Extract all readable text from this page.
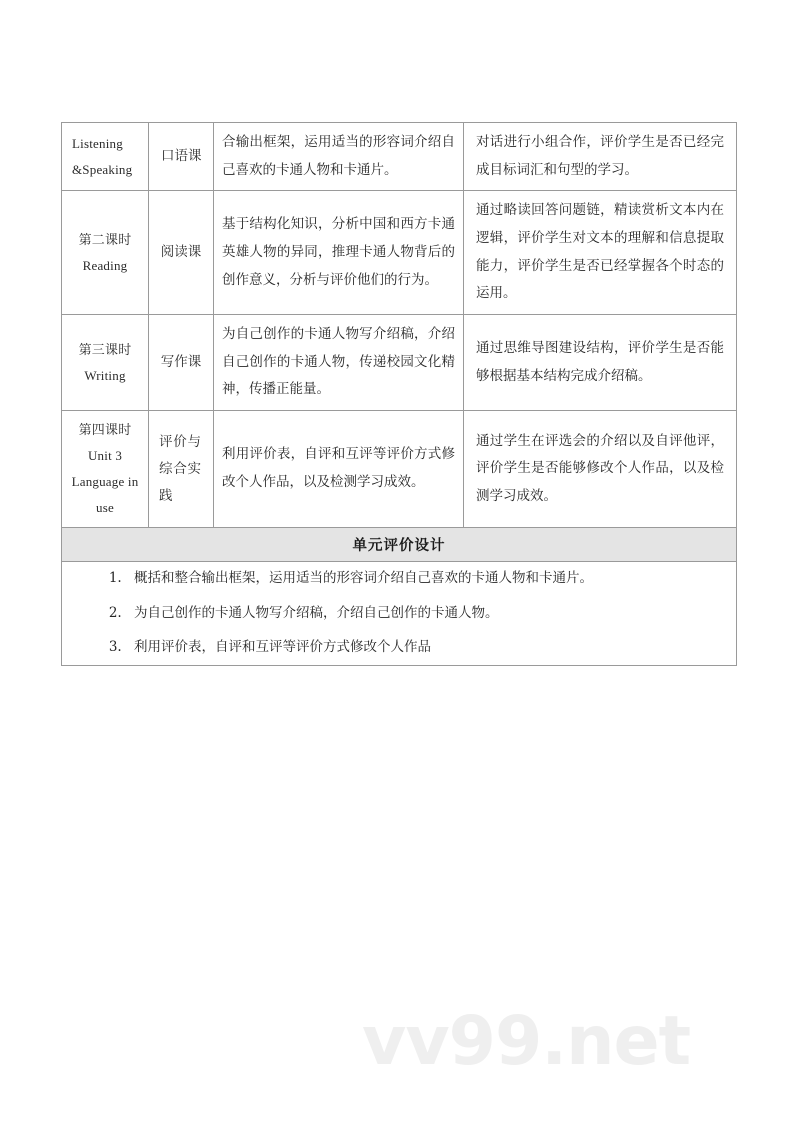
Listening
&Speaking	口语课	合输出框架，运用适当的形容词介绍自己喜欢的卡通人物和卡通片。	对话进行小组合作，评价学生是否已经完成目标词汇和句型的学习。
第二课时
Reading	阅读课	基于结构化知识，分析中国和西方卡通英雄人物的异同，推理卡通人物背后的创作意义，分析与评价他们的行为。	通过略读回答问题链，精读赏析文本内在逻辑，评价学生对文本的理解和信息提取能力，评价学生是否已经掌握各个时态的运用。
第三课时
Writing	写作课	为自己创作的卡通人物写介绍稿，介绍自己创作的卡通人物，传递校园文化精神，传播正能量。	通过思维导图建设结构，评价学生是否能够根据基本结构完成介绍稿。
第四课时
Unit 3
Language in
use	评价与综合实践	利用评价表，自评和互评等评价方式修改个人作品，以及检测学习成效。	通过学生在评选会的介绍以及自评他评，评价学生是否能够修改个人作品，以及检测学习成效。
单元评价设计			

1. 概括和整合输出框架，运用适当的形容词介绍自己喜欢的卡通人物和卡通片。
2. 为自己创作的卡通人物写介绍稿，介绍自己创作的卡通人物。
3. 利用评价表，自评和互评等评价方式修改个人作品
vv99.net
